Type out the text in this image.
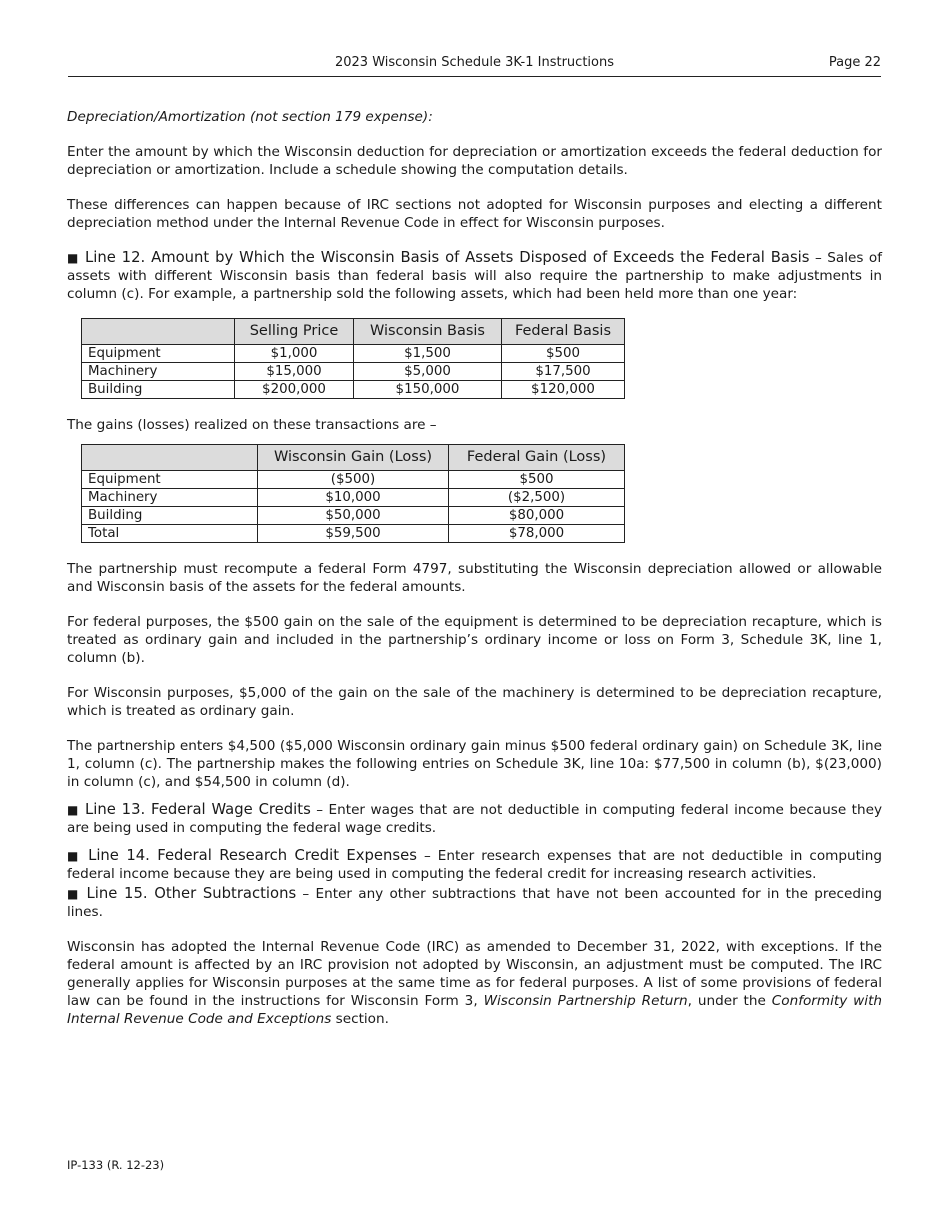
2023 Wisconsin Schedule 3K-1 Instructions	Page 22

Depreciation/Amortization (not section 179 expense):

Enter the amount by which the Wisconsin deduction for depreciation or amortization exceeds the federal deduction for depreciation or amortization. Include a schedule showing the computation details.

These differences can happen because of IRC sections not adopted for Wisconsin purposes and electing a different depreciation method under the Internal Revenue Code in effect for Wisconsin purposes.

■ Line 12. Amount by Which the Wisconsin Basis of Assets Disposed of Exceeds the Federal Basis – Sales of assets with different Wisconsin basis than federal basis will also require the partnership to make adjustments in column (c). For example, a partnership sold the following assets, which had been held more than one year:

	Selling Price	Wisconsin Basis	Federal Basis
Equipment	$1,000	$1,500	$500
Machinery	$15,000	$5,000	$17,500
Building	$200,000	$150,000	$120,000

The gains (losses) realized on these transactions are –

	Wisconsin Gain (Loss)	Federal Gain (Loss)
Equipment	($500)	$500
Machinery	$10,000	($2,500)
Building	$50,000	$80,000
Total	$59,500	$78,000

The partnership must recompute a federal Form 4797, substituting the Wisconsin depreciation allowed or allowable and Wisconsin basis of the assets for the federal amounts.

For federal purposes, the $500 gain on the sale of the equipment is determined to be depreciation recapture, which is treated as ordinary gain and included in the partnership’s ordinary income or loss on Form 3, Schedule 3K, line 1, column (b).

For Wisconsin purposes, $5,000 of the gain on the sale of the machinery is determined to be depreciation recapture, which is treated as ordinary gain.

The partnership enters $4,500 ($5,000 Wisconsin ordinary gain minus $500 federal ordinary gain) on Schedule 3K, line 1, column (c). The partnership makes the following entries on Schedule 3K, line 10a: $77,500 in column (b), $(23,000) in column (c), and $54,500 in column (d).

■ Line 13. Federal Wage Credits – Enter wages that are not deductible in computing federal income because they are being used in computing the federal wage credits.

■ Line 14. Federal Research Credit Expenses – Enter research expenses that are not deductible in computing federal income because they are being used in computing the federal credit for increasing research activities.

■ Line 15. Other Subtractions – Enter any other subtractions that have not been accounted for in the preceding lines.

Wisconsin has adopted the Internal Revenue Code (IRC) as amended to December 31, 2022, with exceptions. If the federal amount is affected by an IRC provision not adopted by Wisconsin, an adjustment must be computed. The IRC generally applies for Wisconsin purposes at the same time as for federal purposes. A list of some provisions of federal law can be found in the instructions for Wisconsin Form 3, Wisconsin Partnership Return, under the Conformity with Internal Revenue Code and Exceptions section.

IP-133 (R. 12-23)
